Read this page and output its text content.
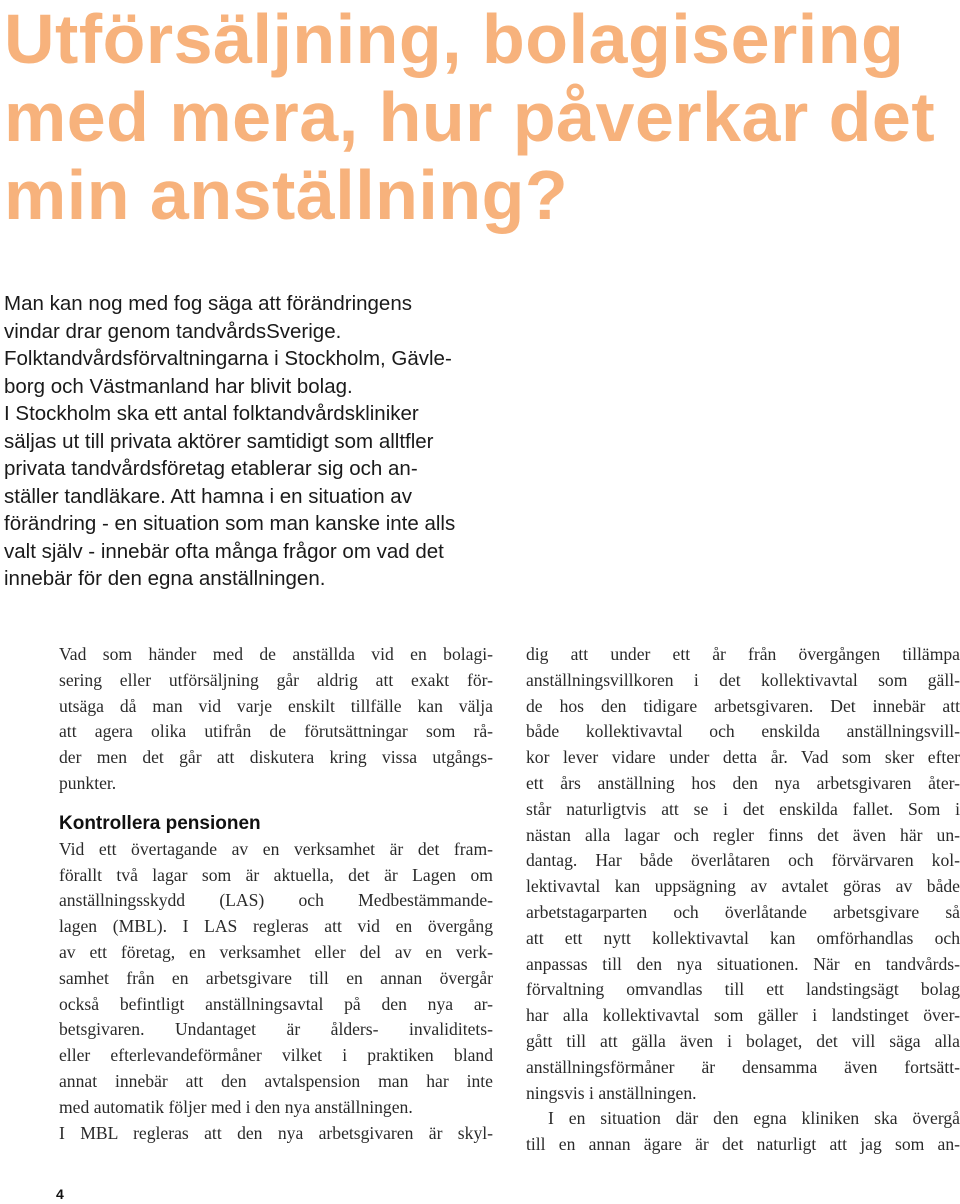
Utförsäljning, bolagisering
med mera, hur påverkar det
min anställning?
Man kan nog med fog säga att förändringens
vindar drar genom tandvårdsSverige.
Folktandvårdsförvaltningarna i Stockholm, Gävle-
borg och Västmanland har blivit bolag.
I Stockholm ska ett antal folktandvårdskliniker
säljas ut till privata aktörer samtidigt som alltfler
privata tandvårdsföretag etablerar sig och an-
ställer tandläkare. Att hamna i en situation av
förändring - en situation som man kanske inte alls
valt själv - innebär ofta många frågor om vad det
innebär för den egna anställningen.
Vad som händer med de anställda vid en bolagi-
sering eller utförsäljning går aldrig att exakt för-
utsäga då man vid varje enskilt tillfälle kan välja
att agera olika utifrån de förutsättningar som rå-
der men det går att diskutera kring vissa utgångs-
punkter.
Kontrollera pensionen
Vid ett övertagande av en verksamhet är det fram-
förallt två lagar som är aktuella, det är Lagen om
anställningsskydd (LAS) och Medbestämmande-
lagen (MBL). I LAS regleras att vid en övergång
av ett företag, en verksamhet eller del av en verk-
samhet från en arbetsgivare till en annan övergår
också befintligt anställningsavtal på den nya ar-
betsgivaren. Undantaget är ålders- invaliditets-
eller efterlevandeförmåner vilket i praktiken bland
annat innebär att den avtalspension man har inte
med automatik följer med i den nya anställningen.
I MBL regleras att den nya arbetsgivaren är skyl-
dig att under ett år från övergången tillämpa
anställningsvillkoren i det kollektivavtal som gäll-
de hos den tidigare arbetsgivaren. Det innebär att
både kollektivavtal och enskilda anställningsvill-
kor lever vidare under detta år. Vad som sker efter
ett års anställning hos den nya arbetsgivaren åter-
står naturligtvis att se i det enskilda fallet. Som i
nästan alla lagar och regler finns det även här un-
dantag. Har både överlåtaren och förvärvaren kol-
lektivavtal kan uppsägning av avtalet göras av både
arbetstagarparten och överlåtande arbetsgivare så
att ett nytt kollektivavtal kan omförhandlas och
anpassas till den nya situationen. När en tandvårds-
förvaltning omvandlas till ett landstingsägt bolag
har alla kollektivavtal som gäller i landstinget över-
gått till att gälla även i bolaget, det vill säga alla
anställningsförmåner är densamma även fortsätt-
ningsvis i anställningen.
I en situation där den egna kliniken ska övergå
till en annan ägare är det naturligt att jag som an-
4
